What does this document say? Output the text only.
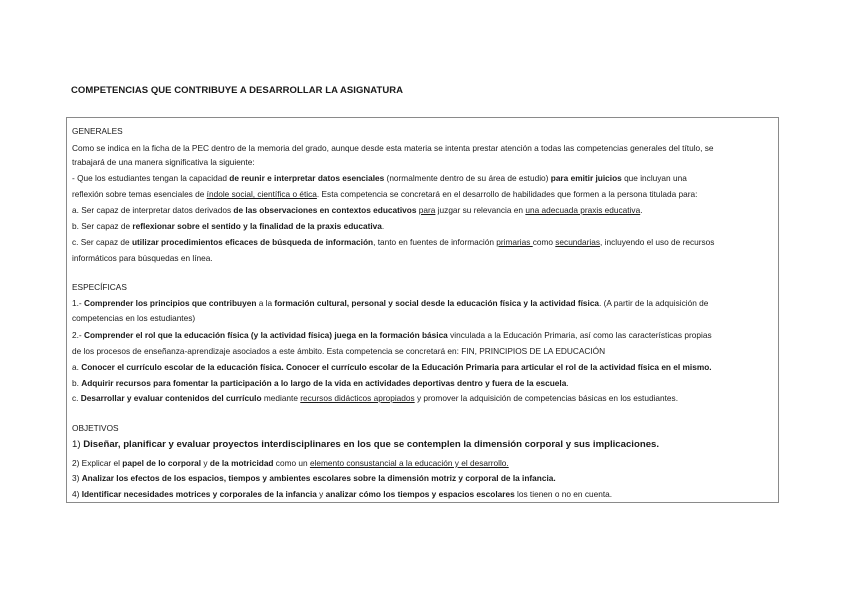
COMPETENCIAS QUE CONTRIBUYE A DESARROLLAR LA ASIGNATURA
GENERALES
Como se indica en la ficha de la PEC dentro de la memoria del grado, aunque desde esta materia se intenta prestar atención a todas las competencias generales del título, se
trabajará de una manera significativa la siguiente:
- Que los estudiantes tengan la capacidad de reunir e interpretar datos esenciales (normalmente dentro de su área de estudio) para emitir juicios que incluyan una
reflexión sobre temas esenciales de índole social, científica o ética. Esta competencia se concretará en el desarrollo de habilidades que formen a la persona titulada para:
a. Ser capaz de interpretar datos derivados de las observaciones en contextos educativos para juzgar su relevancia en una adecuada praxis educativa.
b. Ser capaz de reflexionar sobre el sentido y la finalidad de la praxis educativa.
c. Ser capaz de utilizar procedimientos eficaces de búsqueda de información, tanto en fuentes de información primarias como secundarias, incluyendo el uso de recursos
informáticos para búsquedas en línea.
ESPECÍFICAS
1.- Comprender los principios que contribuyen a la formación cultural, personal y social desde la educación física y la actividad física. (A partir de la adquisición de
competencias en los estudiantes)
2.- Comprender el rol que la educación física (y la actividad física) juega en la formación básica vinculada a la Educación Primaria, así como las características propias
de los procesos de enseñanza-aprendizaje asociados a este ámbito. Esta competencia se concretará en: FIN, PRINCIPIOS DE LA EDUCACIÓN
a. Conocer el currículo escolar de la educación física. Conocer el currículo escolar de la Educación Primaria para articular el rol de la actividad física en el mismo.
b. Adquirir recursos para fomentar la participación a lo largo de la vida en actividades deportivas dentro y fuera de la escuela.
c. Desarrollar y evaluar contenidos del currículo mediante recursos didácticos apropiados y promover la adquisición de competencias básicas en los estudiantes.
OBJETIVOS
1) Diseñar, planificar y evaluar proyectos interdisciplinares en los que se contemplen la dimensión corporal y sus implicaciones.
2) Explicar el papel de lo corporal y de la motricidad como un elemento consustancial a la educación y el desarrollo.
3) Analizar los efectos de los espacios, tiempos y ambientes escolares sobre la dimensión motriz y corporal de la infancia.
4) Identificar necesidades motrices y corporales de la infancia y analizar cómo los tiempos y espacios escolares los tienen o no en cuenta.
